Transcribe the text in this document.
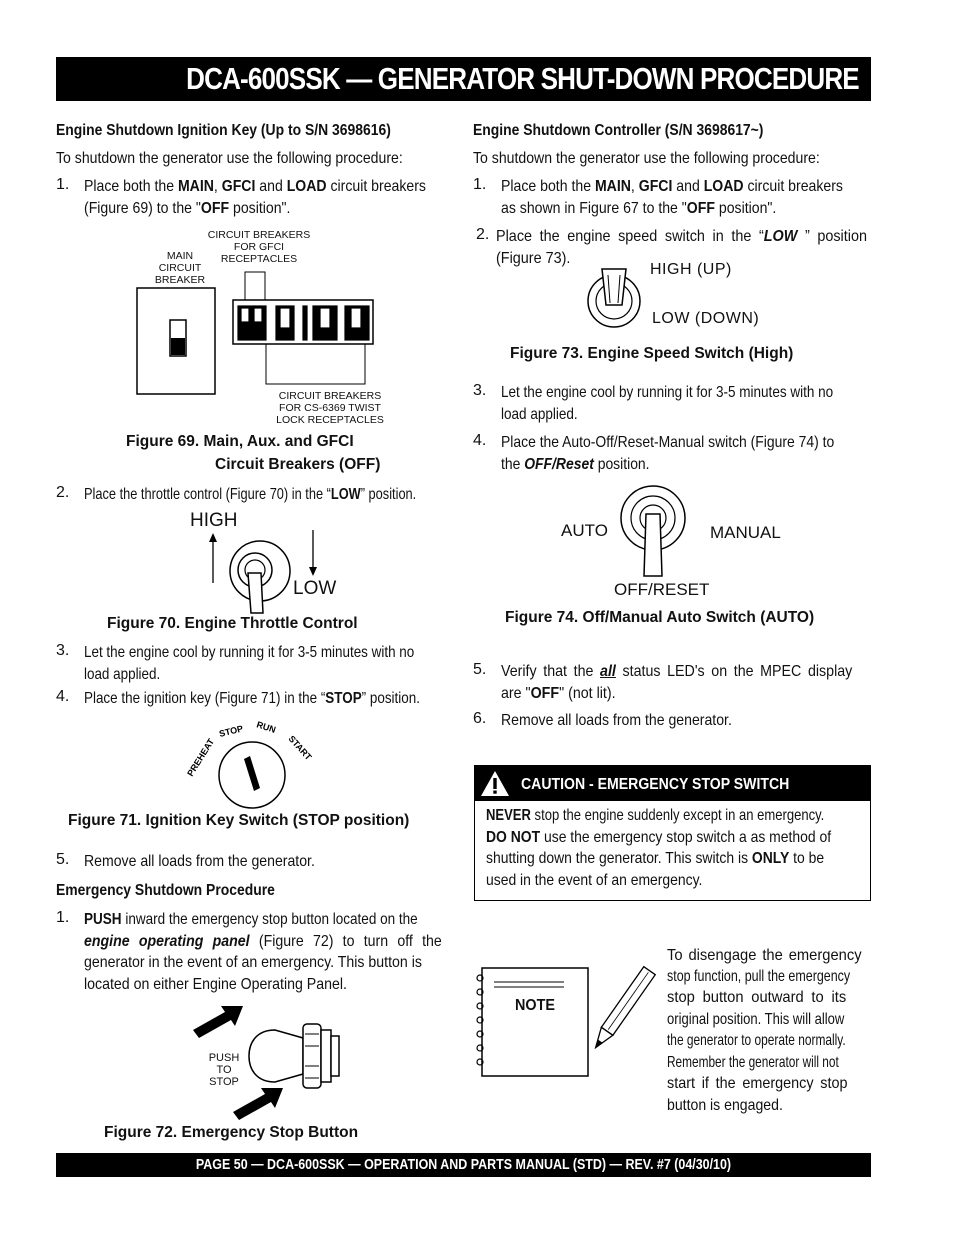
DCA-600SSK — GENERATOR SHUT-DOWN PROCEDURE
Engine Shutdown Ignition Key (Up to S/N 3698616)
To shutdown the generator use the following procedure:
1. Place both the MAIN, GFCI and LOAD circuit breakers
(Figure 69) to the "OFF position".
MAIN
CIRCUIT
BREAKER
CIRCUIT BREAKERS
FOR GFCI
RECEPTACLES
CIRCUIT BREAKERS
FOR CS-6369 TWIST
LOCK RECEPTACLES
Figure 69. Main, Aux. and GFCI
Circuit Breakers (OFF)
2. Place the throttle control (Figure 70) in the “LOW” position.
HIGH
LOW
Figure 70. Engine Throttle Control
3. Let the engine cool by running it for 3-5 minutes with no
load applied.
4. Place the ignition key (Figure 71) in the “STOP” position.
PREHEAT
STOP RUN
START
Figure 71. Ignition Key Switch (STOP position)
5. Remove all loads from the generator.
Emergency Shutdown Procedure
1. PUSH inward the emergency stop button located on the
engine operating panel (Figure 72) to turn off the
generator in the event of an emergency. This button is
located on either Engine Operating Panel.
PUSH
TO
STOP
Figure 72. Emergency Stop Button
Engine Shutdown Controller (S/N 3698617~)
To shutdown the generator use the following procedure:
1. Place both the MAIN, GFCI and LOAD circuit breakers
as shown in Figure 67 to the "OFF position".
2. Place the engine speed switch in the “LOW ” position
(Figure 73).
HIGH (UP)
LOW (DOWN)
Figure 73. Engine Speed Switch (High)
3. Let the engine cool by running it for 3-5 minutes with no
load applied.
4. Place the Auto-Off/Reset-Manual switch (Figure 74) to
the OFF/Reset position.
AUTO	MANUAL
OFF/RESET
Figure 74. Off/Manual Auto Switch (AUTO)
5. Verify that the all status LED's on the MPEC display
are "OFF" (not lit).
6. Remove all loads from the generator.
CAUTION - EMERGENCY STOP SWITCH
NEVER stop the engine suddenly except in an emergency.
DO NOT use the emergency stop switch a as method of
shutting down the generator. This switch is ONLY to be
used in the event of an emergency.
NOTE
To disengage the emergency
stop function, pull the emergency
stop button outward to its
original position. This will allow
the generator to operate normally.
Remember the generator will not
start if the emergency stop
button is engaged.
PAGE 50 — DCA-600SSK — OPERATION AND PARTS MANUAL (STD) — REV. #7 (04/30/10)
